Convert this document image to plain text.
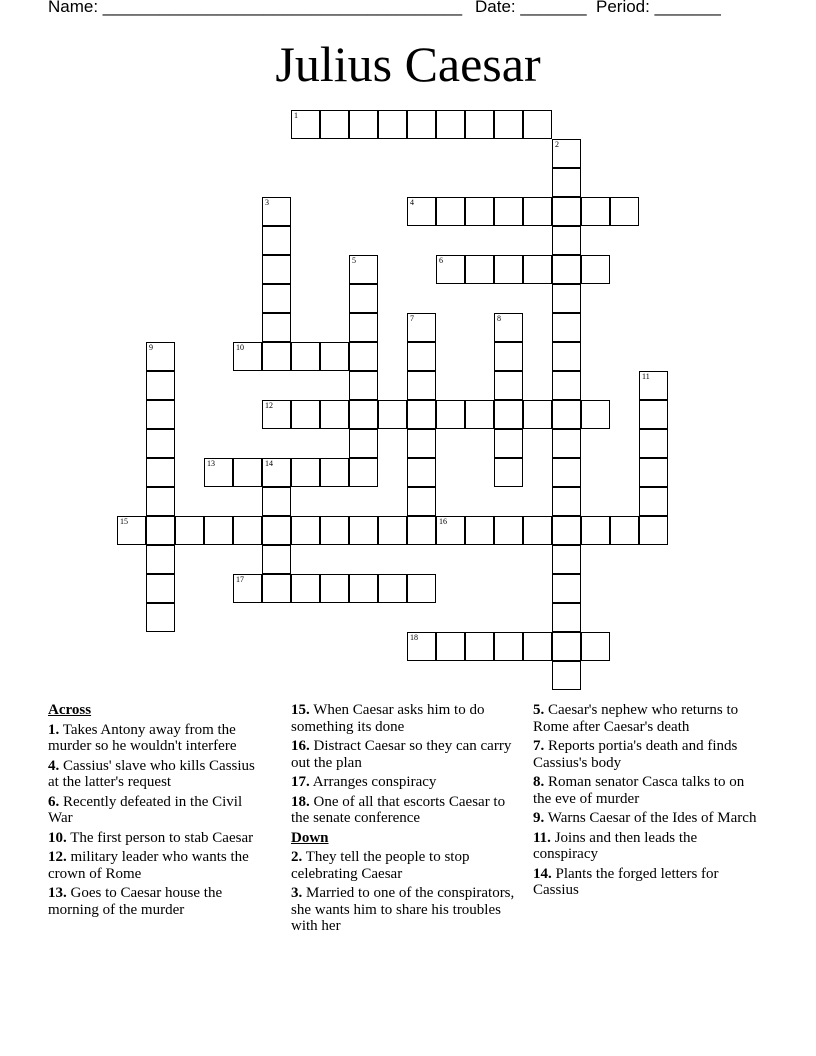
Name: ______________________________________ Date: _______ Period: _______
Julius Caesar
1
2
3	4
5	6
7	8
9	10
11
12
13	14
15	16
17
18
Across
1. Takes Antony away from the murder so he wouldn't interfere
4. Cassius' slave who kills Cassius at the latter's request
6. Recently defeated in the Civil War
10. The first person to stab Caesar
12. military leader who wants the crown of Rome
13. Goes to Caesar house the morning of the murder
15. When Caesar asks him to do something its done
16. Distract Caesar so they can carry out the plan
17. Arranges conspiracy
18. One of all that escorts Caesar to the senate conference
Down
2. They tell the people to stop celebrating Caesar
3. Married to one of the conspirators, she wants him to share his troubles with her
5. Caesar's nephew who returns to Rome after Caesar's death
7. Reports portia's death and finds Cassius's body
8. Roman senator Casca talks to on the eve of murder
9. Warns Caesar of the Ides of March
11. Joins and then leads the conspiracy
14. Plants the forged letters for Cassius
